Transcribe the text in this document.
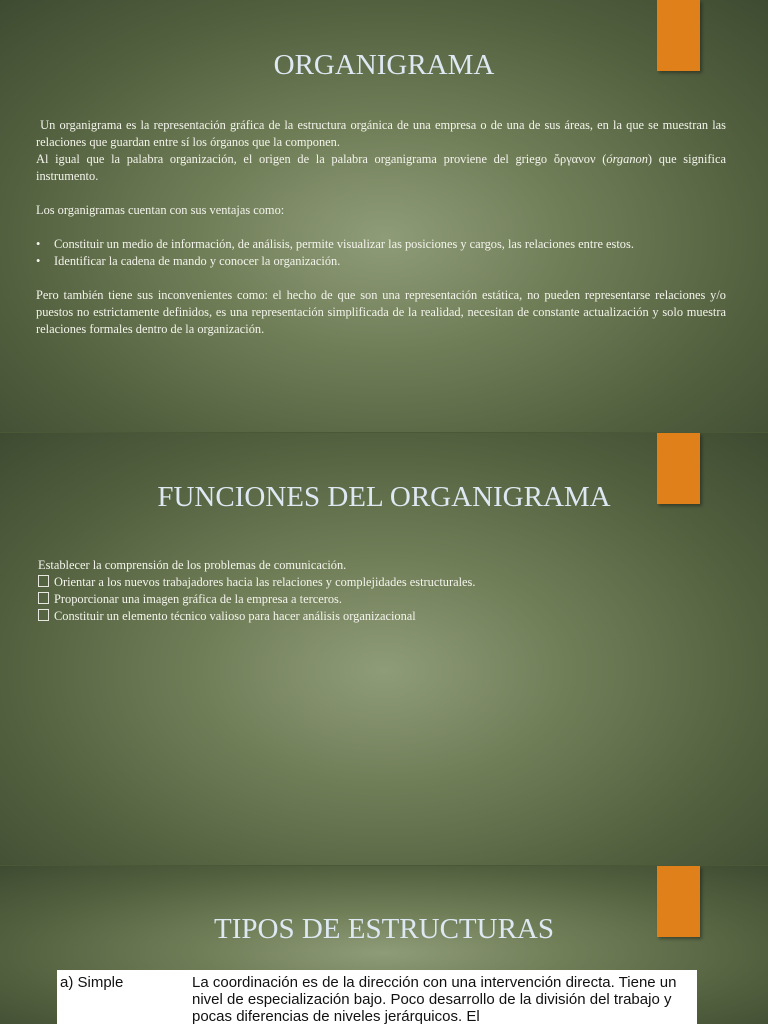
ORGANIGRAMA

Un organigrama es la representación gráfica de la estructura orgánica de una empresa o de una de sus áreas, en la que se muestran las relaciones que guardan entre sí los órganos que la componen.

Al igual que la palabra organización, el origen de la palabra organigrama proviene del griego ὄργανον (órganon) que significa instrumento.

Los organigramas cuentan con sus ventajas como:

• Constituir un medio de información, de análisis, permite visualizar las posiciones y cargos, las relaciones entre estos.
• Identificar la cadena de mando y conocer la organización.

Pero también tiene sus inconvenientes como: el hecho de que son una representación estática, no pueden representarse relaciones y/o puestos no estrictamente definidos, es una representación simplificada de la realidad, necesitan de constante actualización y solo muestra relaciones formales dentro de la organización.

FUNCIONES DEL ORGANIGRAMA

Establecer la comprensión de los problemas de comunicación.

Orientar a los nuevos trabajadores hacia las relaciones y complejidades estructurales.

Proporcionar una imagen gráfica de la empresa a terceros.

Constituir un elemento técnico valioso para hacer análisis organizacional

TIPOS DE ESTRUCTURAS
a) Simple	La coordinación es de la dirección con una intervención directa. Tiene un nivel de especialización bajo. Poco desarrollo de la división del trabajo y pocas diferencias de niveles jerárquicos. El
